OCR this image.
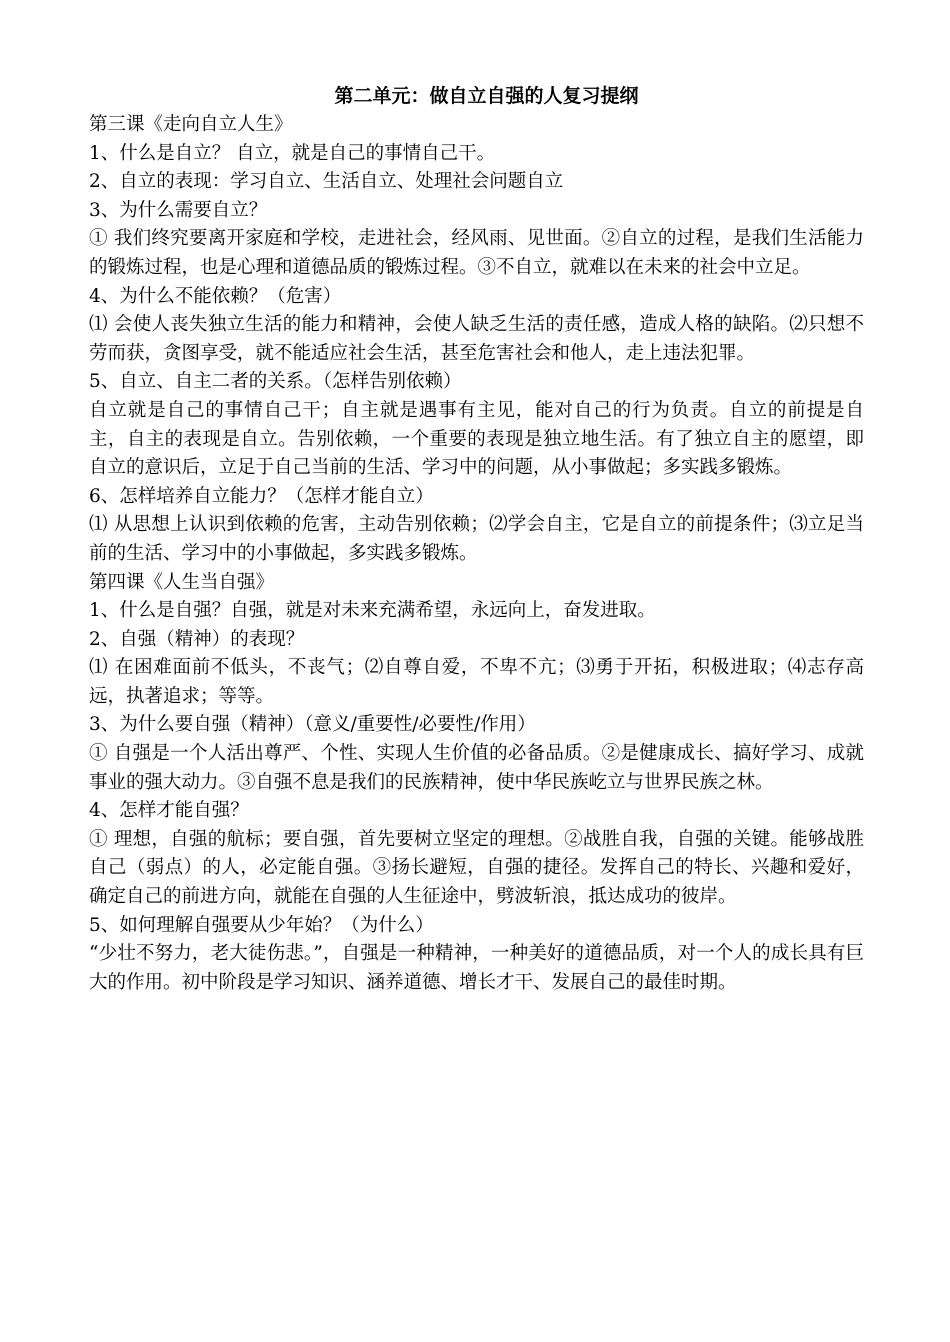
第二单元：做自立自强的人复习提纲

第三课《走向自立人生》

1、什么是自立？ 自立，就是自己的事情自己干。

2、自立的表现：学习自立、生活自立、处理社会问题自立

3、为什么需要自立？

① 我们终究要离开家庭和学校，走进社会，经风雨、见世面。②自立的过程，是我们生活能力的锻炼过程，也是心理和道德品质的锻炼过程。③不自立，就难以在未来的社会中立足。

4、为什么不能依赖？（危害）

⑴ 会使人丧失独立生活的能力和精神，会使人缺乏生活的责任感，造成人格的缺陷。⑵只想不劳而获，贪图享受，就不能适应社会生活，甚至危害社会和他人，走上违法犯罪。

5、自立、自主二者的关系。（怎样告别依赖）

自立就是自己的事情自己干；自主就是遇事有主见，能对自己的行为负责。自立的前提是自主，自主的表现是自立。告别依赖，一个重要的表现是独立地生活。有了独立自主的愿望，即自立的意识后，立足于自己当前的生活、学习中的问题，从小事做起；多实践多锻炼。

6、怎样培养自立能力？（怎样才能自立）

⑴ 从思想上认识到依赖的危害，主动告别依赖；⑵学会自主，它是自立的前提条件；⑶立足当前的生活、学习中的小事做起，多实践多锻炼。

第四课《人生当自强》

1、什么是自强？自强，就是对未来充满希望，永远向上，奋发进取。

2、自强（精神）的表现？

⑴ 在困难面前不低头，不丧气；⑵自尊自爱，不卑不亢；⑶勇于开拓，积极进取；⑷志存高远，执著追求；等等。

3、为什么要自强（精神）（意义/重要性/必要性/作用）

① 自强是一个人活出尊严、个性、实现人生价值的必备品质。②是健康成长、搞好学习、成就事业的强大动力。③自强不息是我们的民族精神，使中华民族屹立与世界民族之林。

4、怎样才能自强？

① 理想，自强的航标；要自强，首先要树立坚定的理想。②战胜自我，自强的关键。能够战胜自己（弱点）的人，必定能自强。③扬长避短，自强的捷径。发挥自己的特长、兴趣和爱好，确定自己的前进方向，就能在自强的人生征途中，劈波斩浪，抵达成功的彼岸。

5、如何理解自强要从少年始？（为什么）

“少壮不努力，老大徒伤悲。”，自强是一种精神，一种美好的道德品质，对一个人的成长具有巨大的作用。初中阶段是学习知识、涵养道德、增长才干、发展自己的最佳时期。
